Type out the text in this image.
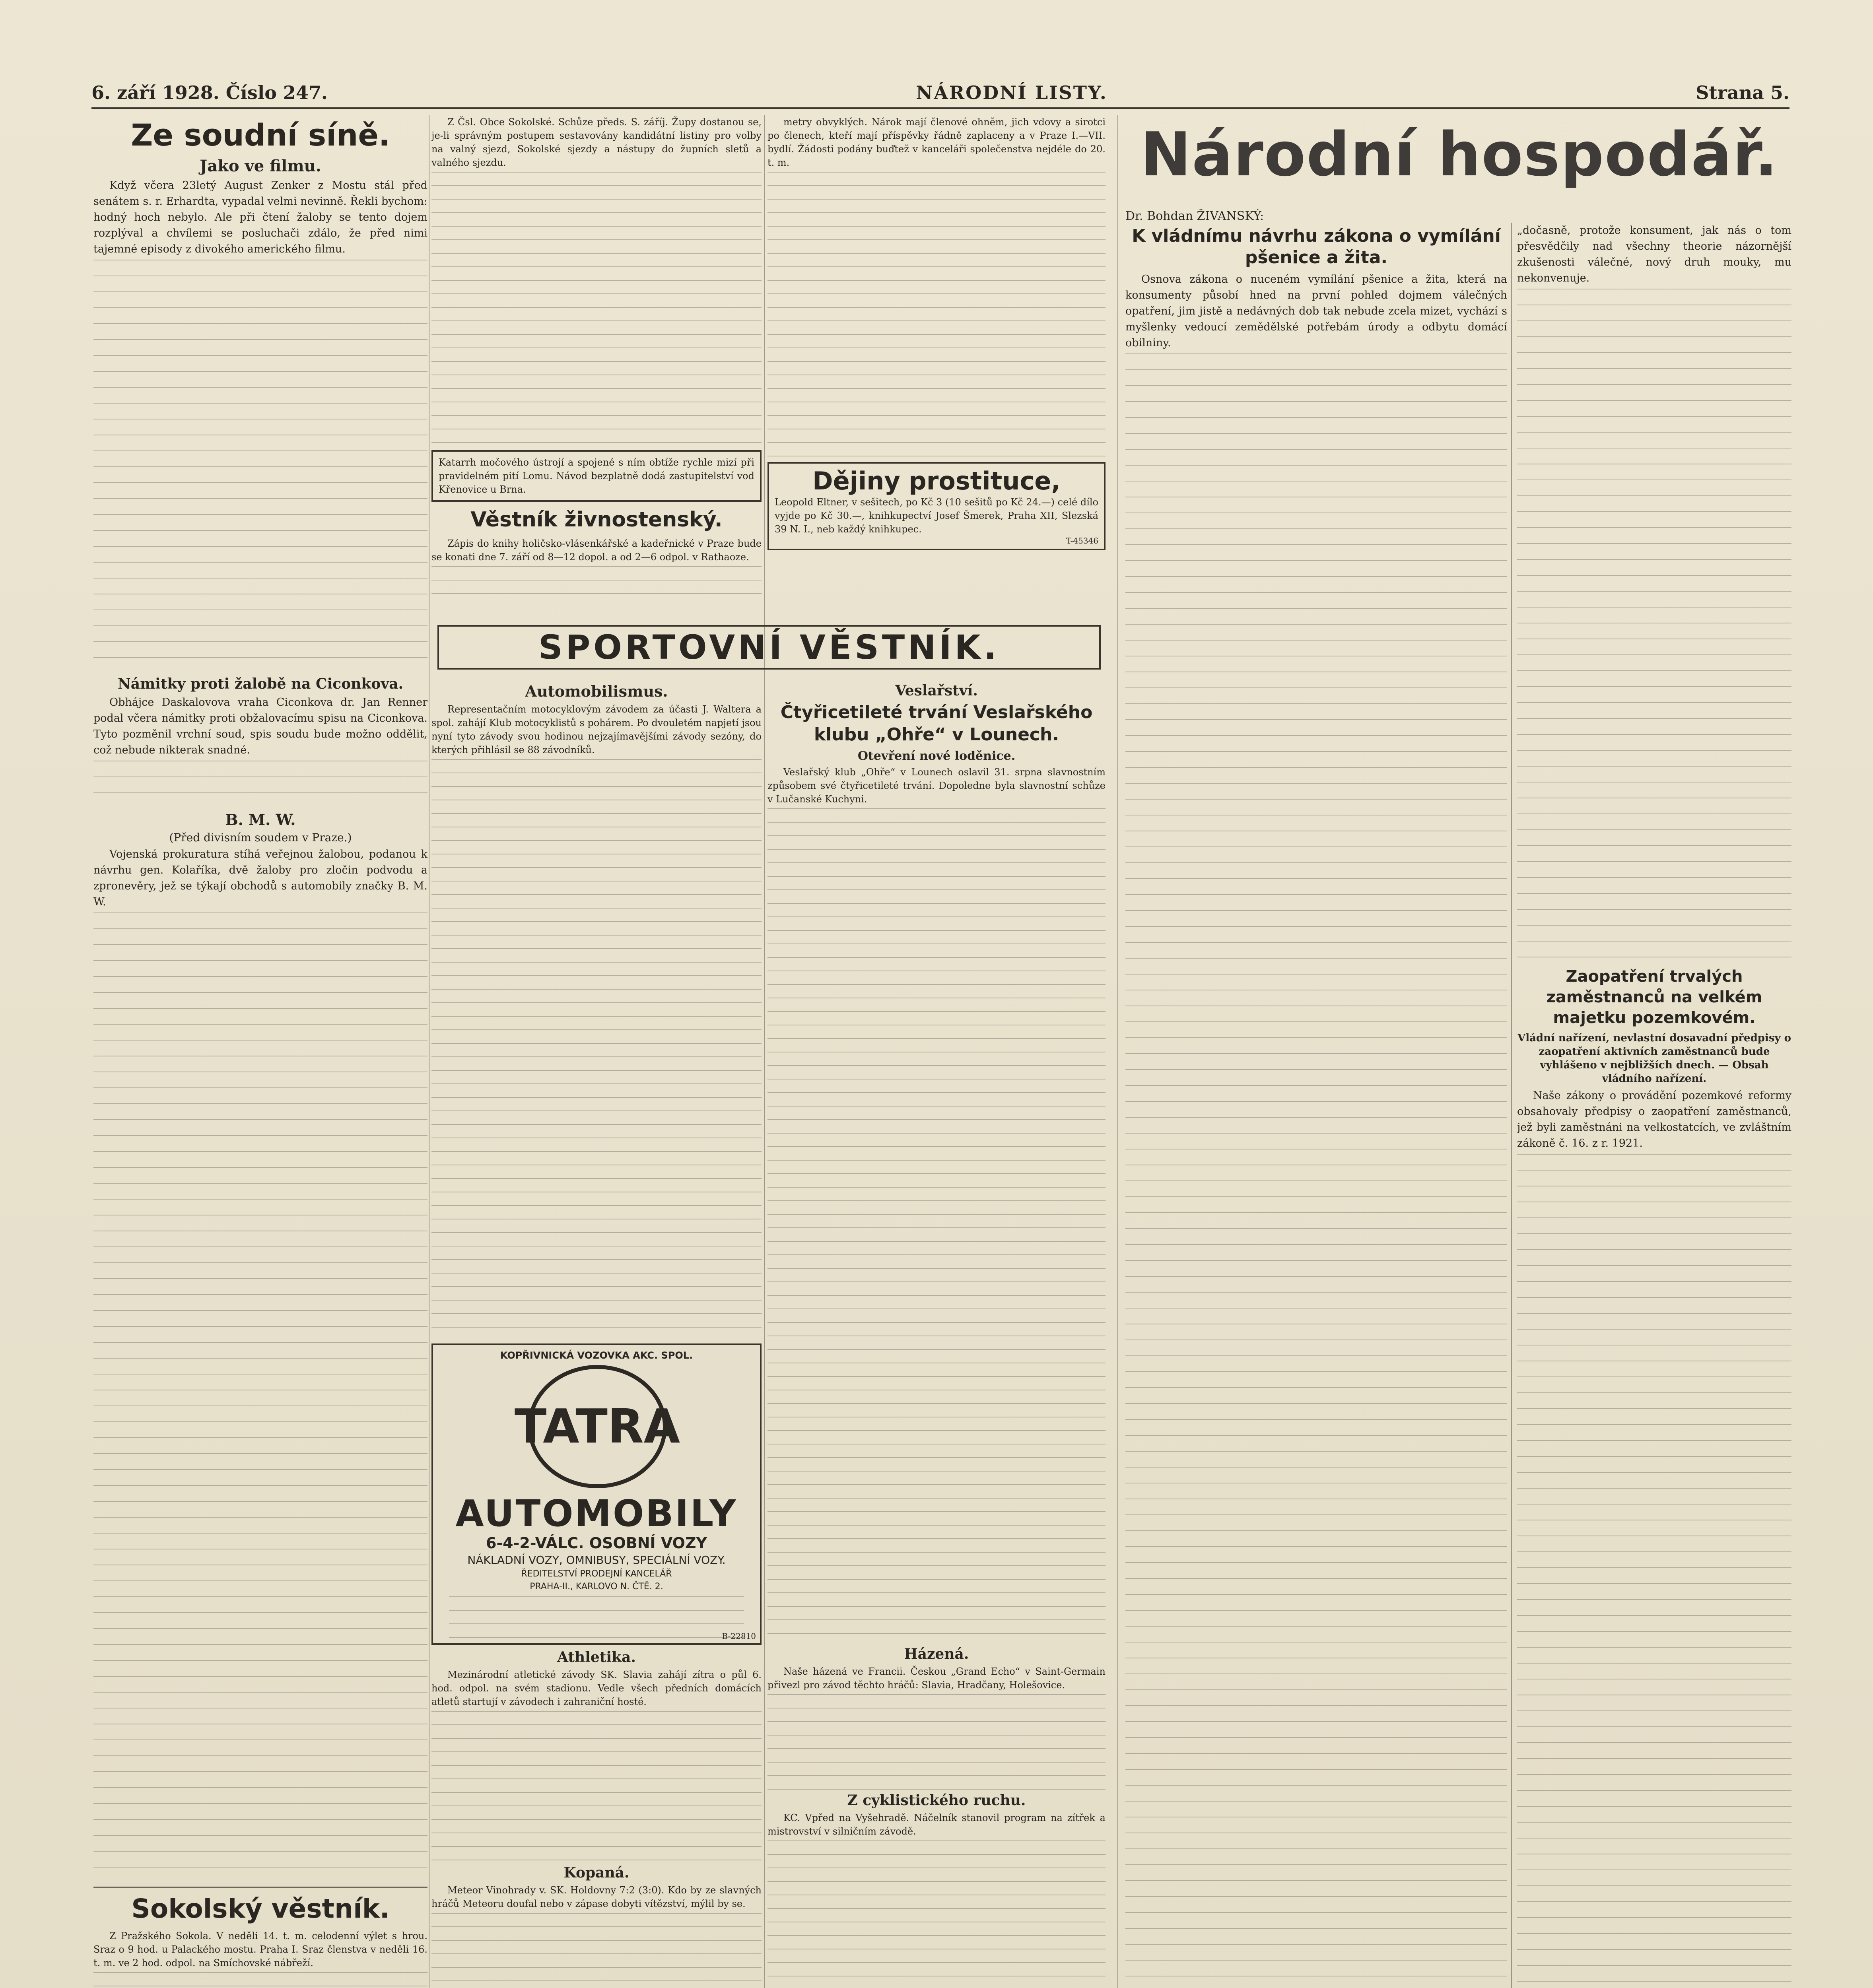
6. září 1928. Číslo 247.	NÁRODNÍ LISTY.	Strana 5.
Ze soudní síně.
Jako ve filmu.

Když včera 23letý August Zenker z Mostu stál před senátem s. r. Erhardta, vypadal velmi nevinně. Řekli bychom: hodný hoch nebylo. Ale při čtení žaloby se tento dojem rozplýval a chvílemi se posluchači zdálo, že před nimi tajemné episody z divokého amerického filmu.

Námitky proti žalobě na Ciconkova.

Obhájce Daskalovova vraha Ciconkova dr. Jan Renner podal včera námitky proti obžalovacímu spisu na Ciconkova. Tyto pozměnil vrchní soud, spis soudu bude možno oddělit, což nebude nikterak snadné.

B. M. W.
(Před divisním soudem v Praze.)

Vojenská prokuratura stíhá veřejnou žalobou, podanou k návrhu gen. Kolaříka, dvě žaloby pro zločin podvodu a zpronevěry, jež se týkají obchodů s automobily značky B. M. W.

Sokolský věstník.

Z Pražského Sokola. V neděli 14. t. m. celodenní výlet s hrou. Sraz o 9 hod. u Palackého mostu. Praha I. Sraz členstva v neděli 16. t. m. ve 2 hod. odpol. na Smíchovské nábřeží.

Z Čsl. Obce Sokolské. Schůze předs. S. záříj. Župy dostanou se, je-li správným postupem sestavovány kandidátní listiny pro volby na valný sjezd, Sokolské sjezdy a nástupy do župních sletů a valného sjezdu.

Katarrh močového ústrojí a spojené s ním obtíže rychle mizí při pravidelném pití Lomu. Návod bezplatně dodá zastupitelství vod Křenovice u Brna.
Věstník živnostenský.

Zápis do knihy holičsko-vlásenkářské a kadeřnické v Praze bude se konati dne 7. září od 8—12 dopol. a od 2—6 odpol. v Rathaoze.

SPORTOVNÍ VĚSTNÍK.
Automobilismus.

Representačním motocyklovým závodem za účasti J. Waltera a spol. zahájí Klub motocyklistů s pohárem. Po dvouletém napjetí jsou nyní tyto závody svou hodinou nejzajímavějšími závody sezóny, do kterých přihlásil se 88 závodníků.

KOPŘIVNICKÁ VOZOVKA AKC. SPOL.
TATRA
AUTOMOBILY
6-4-2-VÁLC. OSOBNÍ VOZY
NÁKLADNÍ VOZY, OMNIBUSY, SPECIÁLNÍ VOZY.
ŘEDITELSTVÍ PRODEJNÍ KANCELÁŘ
PRAHA-II., KARLOVO N. ČTĚ. 2.
B-22810
Athletika.

Mezinárodní atletické závody SK. Slavia zahájí zítra o půl 6. hod. odpol. na svém stadionu. Vedle všech předních domácích atletů startují v závodech i zahraniční hosté.

Kopaná.

Meteor Vinohrady v. SK. Holdovny 7:2 (3:0). Kdo by ze slavných hráčů Meteoru doufal nebo v zápase dobyti vítězství, mýlil by se.

metry obvyklých. Nárok mají členové ohněm, jich vdovy a sirotci po členech, kteří mají příspěvky řádně zaplaceny a v Praze I.—VII. bydlí. Žádosti podány buďtež v kanceláři společenstva nejdéle do 20. t. m.

Dějiny prostituce,
Leopold Eltner, v sešitech, po Kč 3 (10 sešitů po Kč 24.—) celé dílo vyjde po Kč 30.—, knihkupectví Josef Šmerek, Praha XII, Slezská 39 N. I., neb každý knihkupec.
T-45346
Veslařství.
Čtyřicetileté trvání Veslařského klubu „Ohře“ v Lounech.
Otevření nové loděnice.

Veslařský klub „Ohře“ v Lounech oslavil 31. srpna slavnostním způsobem své čtyřicetileté trvání. Dopoledne byla slavnostní schůze v Lučanské Kuchyni.

Házená.

Naše házená ve Francii. Českou „Grand Echo“ v Saint-Germain přivezl pro závod těchto hráčů: Slavia, Hradčany, Holešovice.

Z cyklistického ruchu.

KC. Vpřed na Vyšehradě. Náčelník stanovil program na zítřek a mistrovství v silničním závodě.

Národní hospodář.
Dr. Bohdan ŽIVANSKÝ:
K vládnímu návrhu zákona o vymílání pšenice a žita.

Osnova zákona o nuceném vymílání pšenice a žita, která na konsumenty působí hned na první pohled dojmem válečných opatření, jim jistě a nedávných dob tak nebude zcela mizet, vychází s myšlenky vedoucí zemědělské potřebám úrody a odbytu domácí obilniny.

„dočasně, protože konsument, jak nás o tom přesvědčily nad všechny theorie názornější zkušenosti válečné, nový druh mouky, mu nekonvenuje.

Zaopatření trvalých zaměstnanců na velkém majetku pozemkovém.
Vládní nařízení, nevlastní dosavadní předpisy o zaopatření aktivních zaměstnanců bude vyhlášeno v nejbližších dnech. — Obsah vládního nařízení.

Naše zákony o provádění pozemkové reformy obsahovaly předpisy o zaopatření zaměstnanců, jež byli zaměstnáni na velkostatcích, ve zvláštním zákoně č. 16. z r. 1921.
